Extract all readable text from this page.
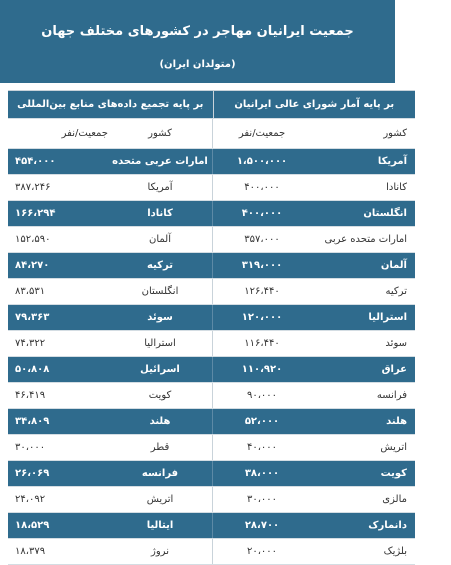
جمعیت ایرانیان مهاجر در کشورهای مختلف جهان
(متولدان ایران)
بر پایه آمار شورای عالی ایرانیان
بر پایه تجمیع داده‌های منابع بین‌المللی
کشور
جمعیت/نفر
کشور
جمعیت/نفر
آمریکا
۱،۵۰۰،۰۰۰
امارات عربی متحده
۴۵۴،۰۰۰
کانادا
۴۰۰،۰۰۰
آمریکا
۳۸۷،۲۴۶
انگلستان
۴۰۰،۰۰۰
کانادا
۱۶۶،۲۹۴
امارات متحده عربی
۳۵۷،۰۰۰
آلمان
۱۵۲،۵۹۰
آلمان
۳۱۹،۰۰۰
ترکیه
۸۴،۲۷۰
ترکیه
۱۲۶،۴۴۰
انگلستان
۸۳،۵۳۱
استرالیا
۱۲۰،۰۰۰
سوئد
۷۹،۳۶۳
سوئد
۱۱۶،۴۴۰
استرالیا
۷۴،۳۲۲
عراق
۱۱۰،۹۲۰
اسرائیل
۵۰،۸۰۸
فرانسه
۹۰،۰۰۰
کویت
۴۶،۴۱۹
هلند
۵۲،۰۰۰
هلند
۳۴،۸۰۹
اتریش
۴۰،۰۰۰
قطر
۳۰،۰۰۰
کویت
۳۸،۰۰۰
فرانسه
۲۶،۰۶۹
مالزی
۳۰،۰۰۰
اتریش
۲۴،۰۹۲
دانمارک
۲۸،۷۰۰
ایتالیا
۱۸،۵۲۹
بلژیک
۲۰،۰۰۰
نروژ
۱۸،۳۷۹
